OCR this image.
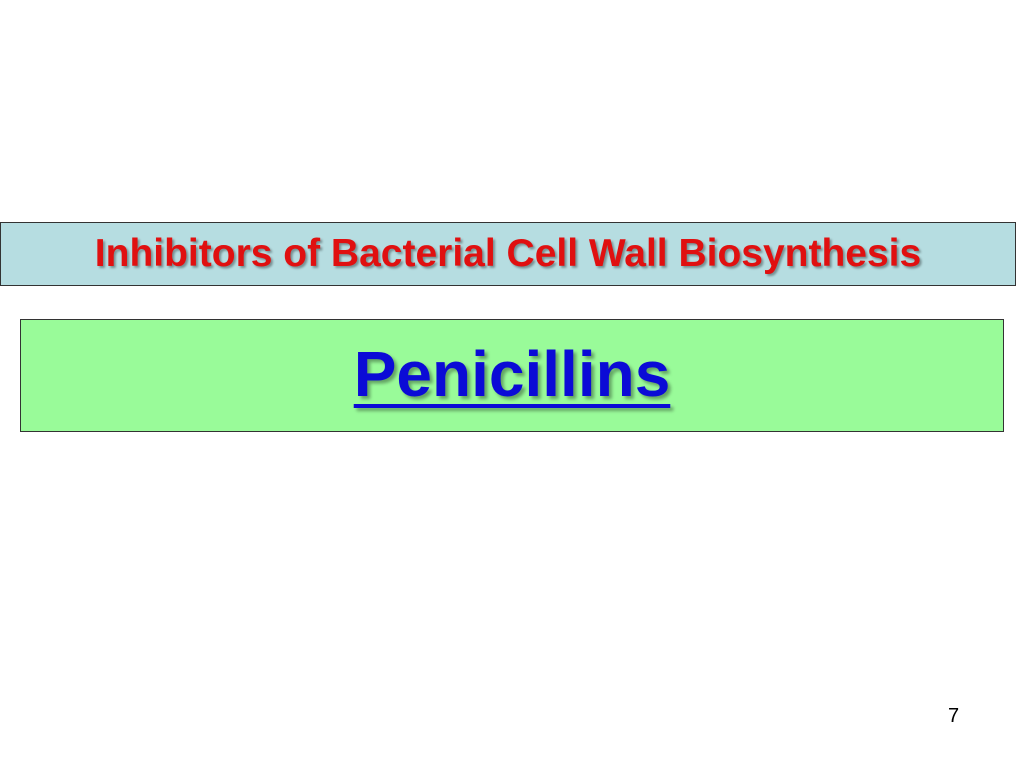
Inhibitors of Bacterial Cell Wall Biosynthesis
Penicillins
7
